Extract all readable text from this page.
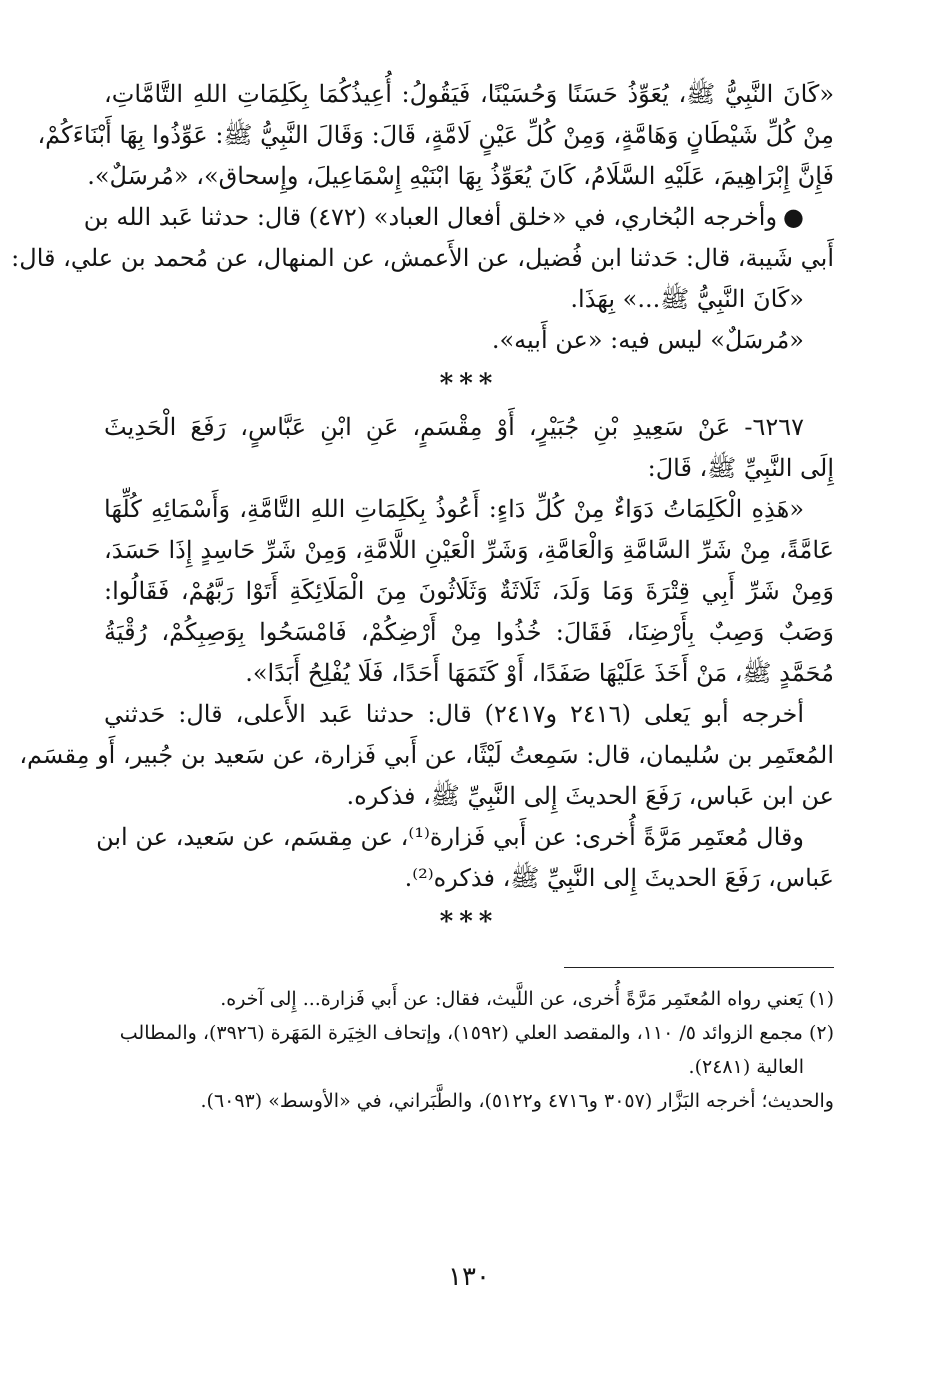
«كَانَ النَّبِيُّ ﷺ، يُعَوِّذُ حَسَنًا وَحُسَيْنًا، فَيَقُولُ: أُعِيذُكُمَا بِكَلِمَاتِ اللهِ التَّامَّاتِ،
مِنْ كُلِّ شَيْطَانٍ وَهَامَّةٍ، وَمِنْ كُلِّ عَيْنٍ لَامَّةٍ، قَالَ: وَقَالَ النَّبِيُّ ﷺ: عَوِّذُوا بِهَا أَبْنَاءَكُمْ،
فَإِنَّ إِبْرَاهِيمَ، عَلَيْهِ السَّلَامُ، كَانَ يُعَوِّذُ بِهَا ابْنَيْهِ إِسْمَاعِيلَ، وإِسحاق»، «مُرسَلٌ».
●وأخرجه البُخاري، في «خلق أفعال العباد» (٤٧٢) قال: حدثنا عَبد الله بن
أَبي شَيبة، قال: حَدثنا ابن فُضيل، عن الأَعمش، عن المنهال، عن مُحمد بن علي، قال:
«كَانَ النَّبِيُّ ﷺ...» بِهَذَا.
«مُرسَلٌ» ليس فيه: «عن أَبيه».
***
٦٢٦٧- عَنْ سَعِيدِ بْنِ جُبَيْرٍ، أَوْ مِقْسَمٍ، عَنِ ابْنِ عَبَّاسٍ، رَفَعَ الْحَدِيثَ
إِلَى النَّبِيِّ ﷺ، قَالَ:
«هَذِهِ الْكَلِمَاتُ دَوَاءٌ مِنْ كُلِّ دَاءٍ: أَعُوذُ بِكَلِمَاتِ اللهِ التَّامَّةِ، وَأَسْمَائِهِ كُلِّهَا
عَامَّةً، مِنْ شَرِّ السَّامَّةِ وَالْعَامَّةِ، وَشَرِّ الْعَيْنِ اللَّامَّةِ، وَمِنْ شَرِّ حَاسِدٍ إِذَا حَسَدَ،
وَمِنْ شَرِّ أَبِي قِتْرَةَ وَمَا وَلَدَ، ثَلَاثَةٌ وَثَلَاثُونَ مِنَ الْمَلَائِكَةِ أَتَوْا رَبَّهُمْ، فَقَالُوا:
وَصَبٌ وَصِبٌ بِأَرْضِنَا، فَقَالَ: خُذُوا مِنْ أَرْضِكُمْ، فَامْسَحُوا بِوَصِبِكُمْ، رُقْيَةُ
مُحَمَّدٍ ﷺ، مَنْ أَخَذَ عَلَيْهَا صَفَدًا، أَوْ كَتَمَهَا أَحَدًا، فَلَا يُفْلِحُ أَبَدًا».
أخرجه أبو يَعلى (٢٤١٦ و٢٤١٧) قال: حدثنا عَبد الأَعلى، قال: حَدثني
المُعتَمِر بن سُليمان، قال: سَمِعتُ لَيْثًا، عن أَبي فَزارة، عن سَعيد بن جُبير، أَو مِقسَم،
عن ابن عَباس، رَفَعَ الحديثَ إِلى النَّبِيِّ ﷺ، فذكره.
وقال مُعتَمِر مَرَّةً أُخرى: عن أَبي فَزارة⁽¹⁾، عن مِقسَم، عن سَعيد، عن ابن
عَباس، رَفَعَ الحديثَ إِلى النَّبِيِّ ﷺ، فذكره⁽²⁾.
***
(١) يَعني رواه المُعتَمِر مَرَّةً أُخرى، عن اللَّيث، فقال: عن أَبي فَزارة... إِلى آخره.
(٢) مجمع الزوائد ٥/ ١١٠، والمقصد العلي (١٥٩٢)، وإتحاف الخِيَرة المَهَرة (٣٩٢٦)، والمطالب
العالية (٢٤٨١).
والحديث؛ أخرجه البَزَّار (٣٠٥٧ و٤٧١٦ و٥١٢٢)، والطَّبَراني، في «الأوسط» (٦٠٩٣).
١٣٠
